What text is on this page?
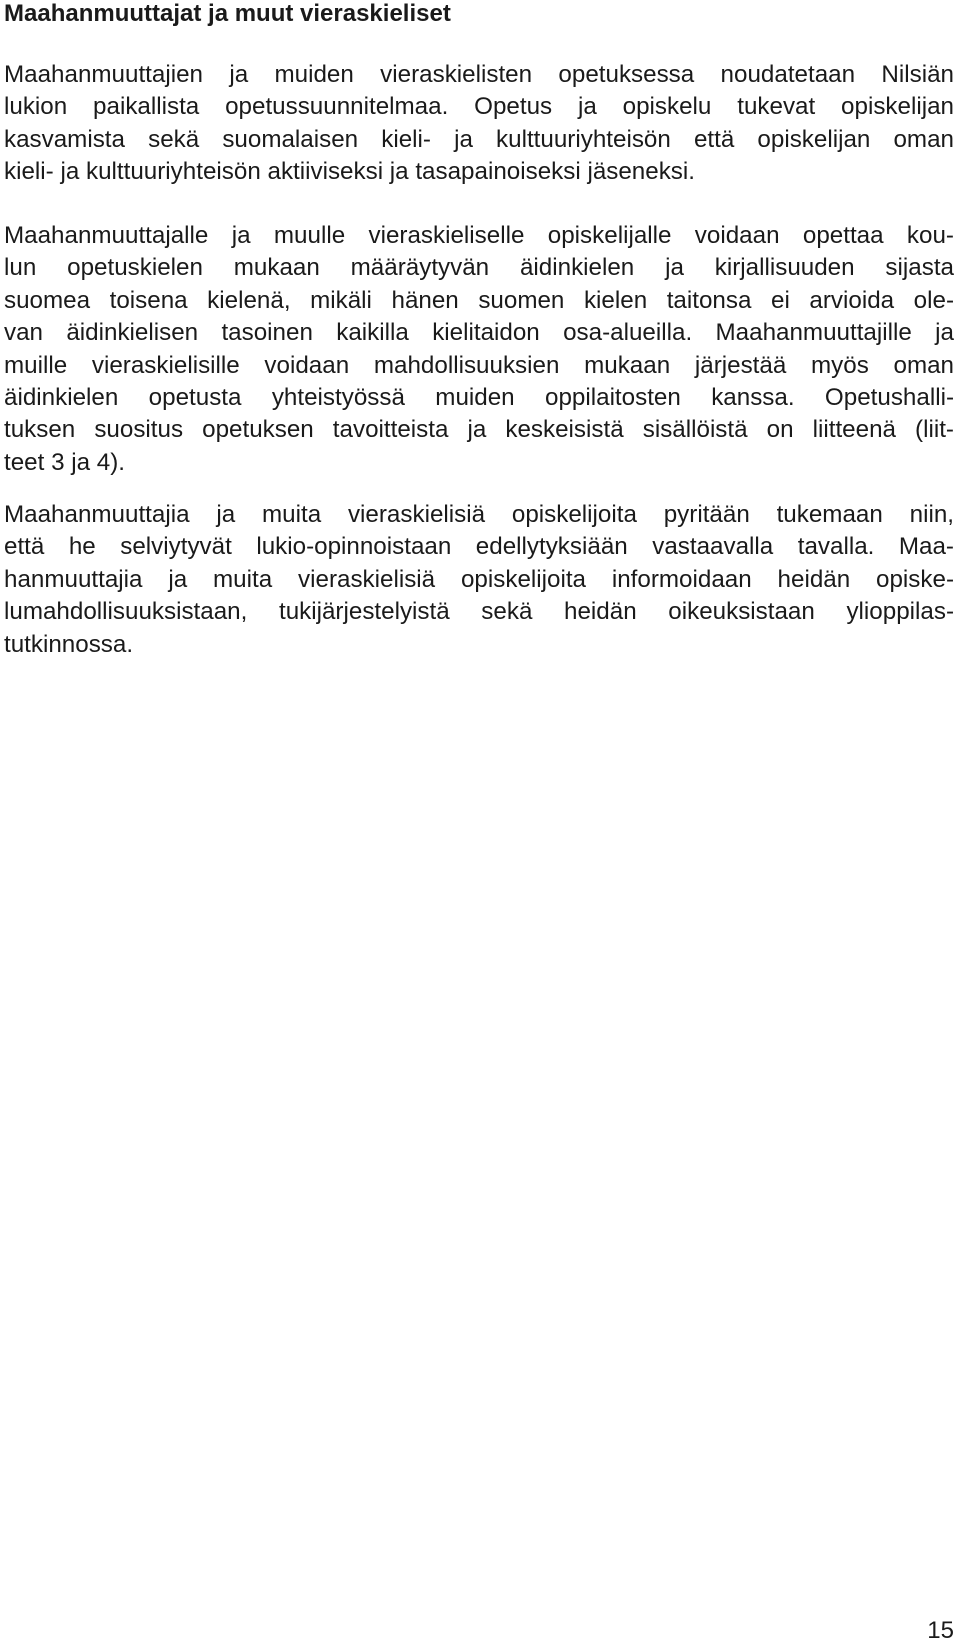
Maahanmuuttajat ja muut vieraskieliset
Maahanmuuttajien ja muiden vieraskielisten opetuksessa noudatetaan Nilsiän
lukion paikallista opetussuunnitelmaa. Opetus ja opiskelu tukevat opiskelijan
kasvamista sekä suomalaisen kieli- ja kulttuuriyhteisön että opiskelijan oman
kieli- ja kulttuuriyhteisön aktiiviseksi ja tasapainoiseksi jäseneksi.
Maahanmuuttajalle ja muulle vieraskieliselle opiskelijalle voidaan opettaa kou-
lun opetuskielen mukaan määräytyvän äidinkielen ja kirjallisuuden sijasta
suomea toisena kielenä, mikäli hänen suomen kielen taitonsa ei arvioida ole-
van äidinkielisen tasoinen kaikilla kielitaidon osa-alueilla. Maahanmuuttajille ja
muille vieraskielisille voidaan mahdollisuuksien mukaan järjestää myös oman
äidinkielen opetusta yhteistyössä muiden oppilaitosten kanssa. Opetushalli-
tuksen suositus opetuksen tavoitteista ja keskeisistä sisällöistä on liitteenä (liit-
teet 3 ja 4).
Maahanmuuttajia ja muita vieraskielisiä opiskelijoita pyritään tukemaan niin,
että he selviytyvät lukio-opinnoistaan edellytyksiään vastaavalla tavalla. Maa-
hanmuuttajia ja muita vieraskielisiä opiskelijoita informoidaan heidän opiske-
lumahdollisuuksistaan, tukijärjestelyistä sekä heidän oikeuksistaan ylioppilas-
tutkinnossa.
15
